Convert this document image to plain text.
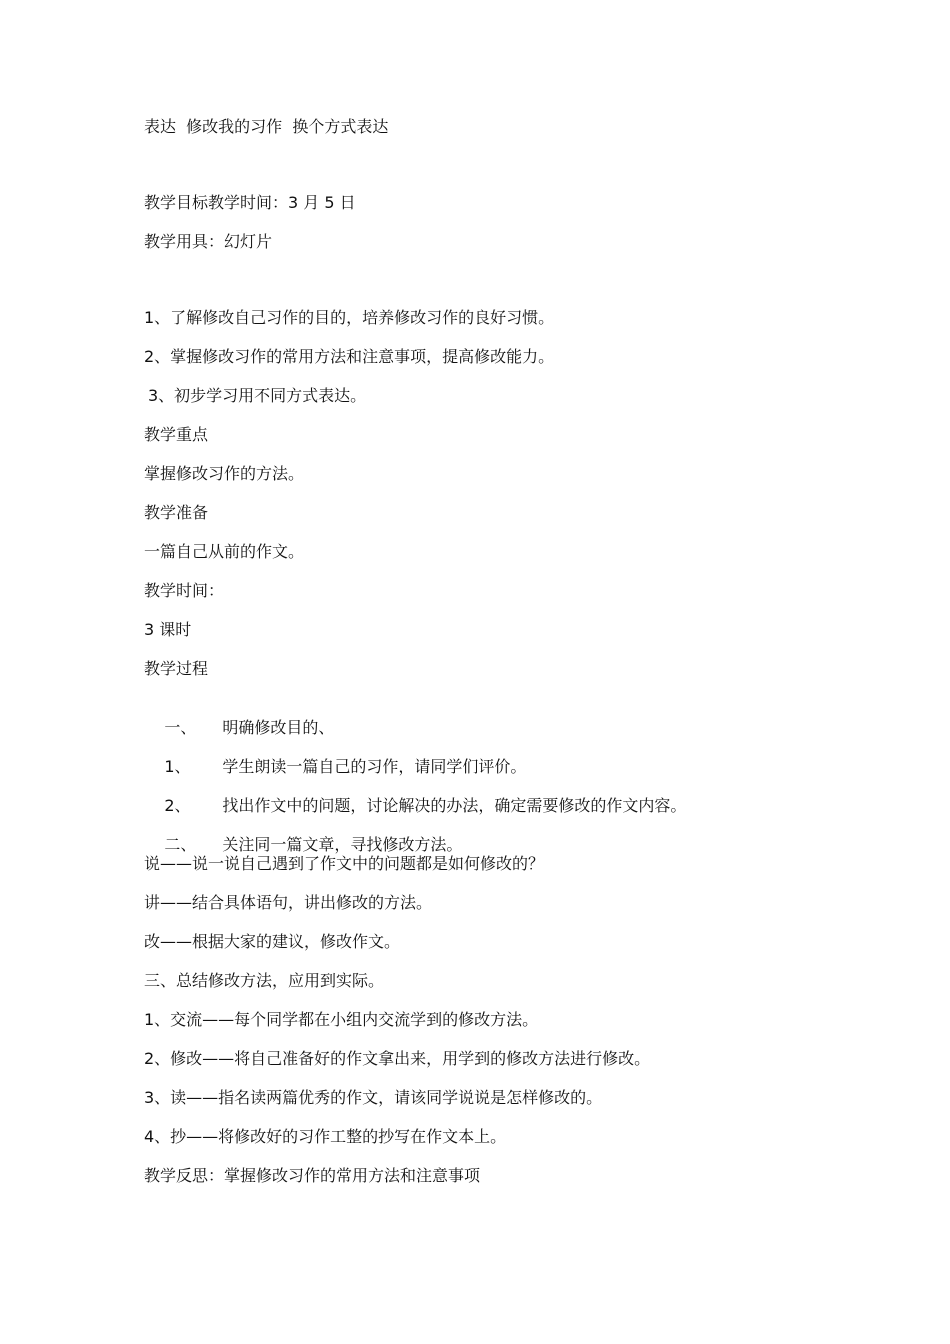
表达  修改我的习作  换个方式表达
教学目标教学时间：3 月 5 日
教学用具：幻灯片
1、了解修改自己习作的目的，培养修改习作的良好习惯。
2、掌握修改习作的常用方法和注意事项，提高修改能力。
3、初步学习用不同方式表达。
教学重点
掌握修改习作的方法。
教学准备
一篇自己从前的作文。
教学时间：
3 课时
教学过程

一、 明确修改目的、

1、 学生朗读一篇自己的习作，请同学们评价。

2、 找出作文中的问题，讨论解决的办法，确定需要修改的作文内容。

二、 关注同一篇文章，寻找修改方法。

说——说一说自己遇到了作文中的问题都是如何修改的？
讲——结合具体语句，讲出修改的方法。
改——根据大家的建议，修改作文。
三、总结修改方法，应用到实际。
1、交流——每个同学都在小组内交流学到的修改方法。
2、修改——将自己准备好的作文拿出来，用学到的修改方法进行修改。
3、读——指名读两篇优秀的作文，请该同学说说是怎样修改的。
4、抄——将修改好的习作工整的抄写在作文本上。
教学反思：掌握修改习作的常用方法和注意事项
